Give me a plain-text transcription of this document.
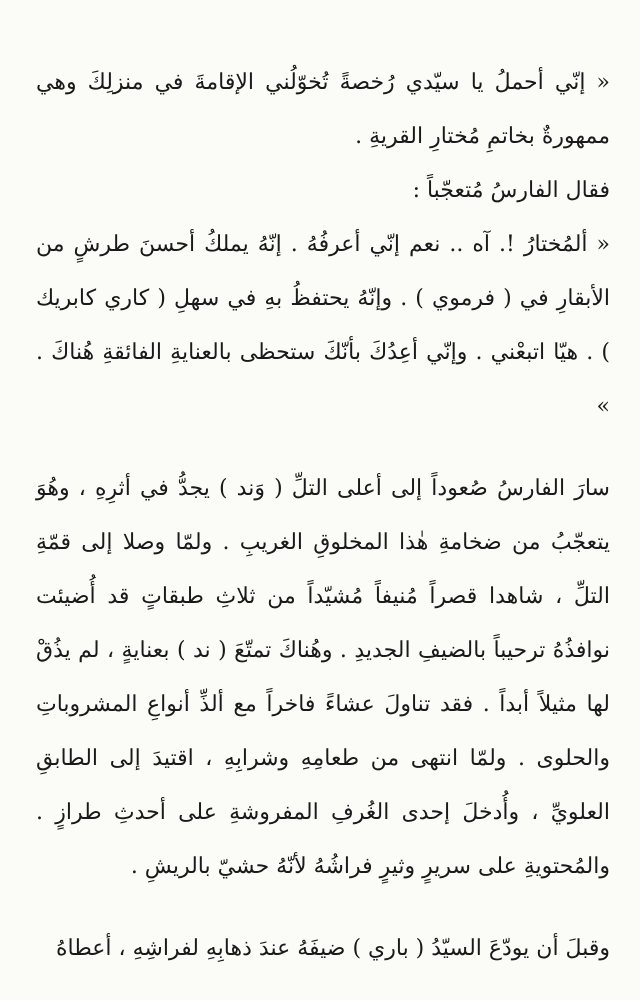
« إنّي أحملُ يا سيّدي رُخصةً تُخوّلُني الإقامةَ في منزلِكَ وهي ممهورةٌ بخاتمِ مُختارِ القريةِ .

فقال الفارسُ مُتعجّباً :

« ألمُختارُ !. آه .. نعم إنّي أعرفُهُ . إنّهُ يملكُ أحسنَ طرشٍ من الأبقارِ في ( فرموي ) . وإنّهُ يحتفظُ بهِ في سهلِ ( كاري كابريك ) . هيّا اتبعْني . وإنّي أعِدُكَ بأنّكَ ستحظى بالعنايةِ الفائقةِ هُناكَ . »

سارَ الفارسُ صُعوداً إلى أعلى التلِّ ( وَند ) يجدُّ في أثرِهِ ، وهُوَ يتعجّبُ من ضخامةِ هٰذا المخلوقِ الغريبِ . ولمّا وصلا إلى قمّةِ التلِّ ، شاهدا قصراً مُنيفاً مُشيّداً من ثلاثِ طبقاتٍ قد أُضيئت نوافذُهُ ترحيباً بالضيفِ الجديدِ . وهُناكَ تمتّعَ ( ند ) بعنايةٍ ، لم يذُقْ لها مثيلاً أبداً . فقد تناولَ عشاءً فاخراً مع ألذِّ أنواعِ المشروباتِ والحلوى . ولمّا انتهى من طعامِهِ وشرابِهِ ، اقتيدَ إلى الطابقِ العلويِّ ، وأُدخلَ إحدى الغُرفِ المفروشةِ على أحدثِ طرازٍ . والمُحتويةِ على سريرٍ وثيرٍ فراشُهُ لأنّهُ حشيّ بالريشِ .

وقبلَ أن يودّعَ السيّدُ ( باري ) ضيفَهُ عندَ ذهابِهِ لفراشِهِ ، أعطاهُ
